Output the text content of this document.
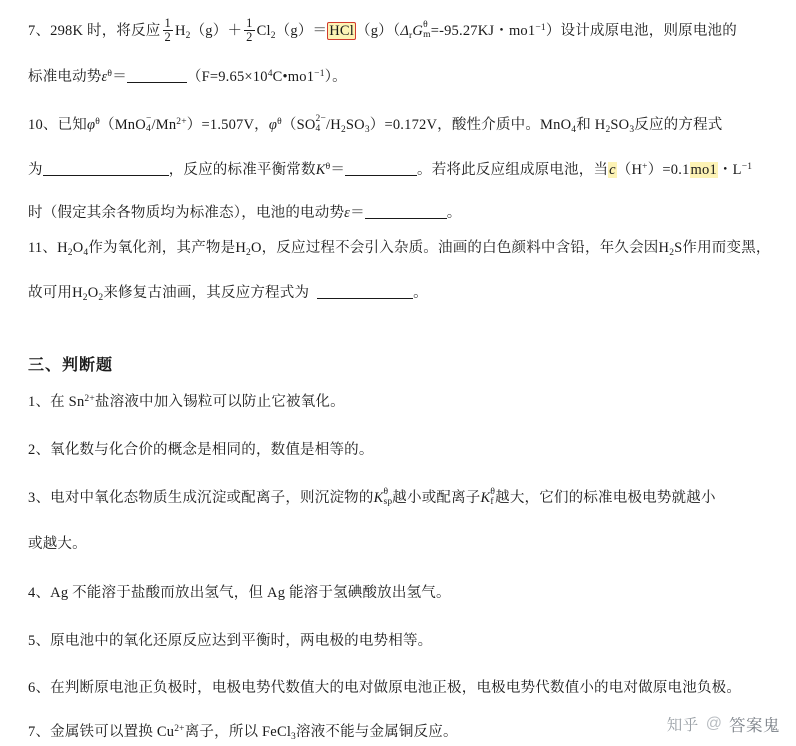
7、298K 时，将反应 $\frac{1}{2} H_2(g)+ \frac{1}{2} Cl_2(g)=$ HCl $(g)(\Delta_rG$ θ
m =-95.27KJ・$mo1^{-1}$）设计成原电池，则原电池的
标准电动势$\varepsilon^\theta=$	$(F=9.65\times 10^4C•mo1^{-1})$。
10、已知$\varphi^\theta(MnO$ −
4 $/Mn^{2+})=1.507V$，$\varphi^\theta(SO$ 2−
4 $/H_2SO_3)=0.172V$，酸性介质中。MnO$_4$和 $H_2SO_3$反应的方程式
为	，反应的标准平衡常数$K^\theta=$	。若将此反应组成原电池，当c（H+）=0.1mo1・$L^{-1}$
时（假定其余各物质均为标准态），电池的电动势ε＝	。
11、$H_2O_4$作为氧化剂，其产物是$H_2O$，反应过程不会引入杂质。油画的白色颜料中含铅，年久会因$H_2S$作用而变黑，
故可用$H_2O_2$来修复古油画，其反应方程式为	。
三、判断题
1、在 $Sn^{2+}$盐溶液中加入锡粒可以防止它被氧化。
2、氧化数与化合价的概念是相同的，数值是相等的。
3、电对中氧化态物质生成沉淀或配离子，则沉淀物的K θ
sp 越小或配离子K θ
f 越大，它们的标准电极电势就越小
或越大。
4、Ag 不能溶于盐酸而放出氢气，但 Ag 能溶于氢碘酸放出氢气。
5、原电池中的氧化还原反应达到平衡时，两电极的电势相等。
6、在判断原电池正负极时，电极电势代数值大的电对做原电池正极，电极电势代数值小的电对做原电池负极。
7、金属铁可以置换 $Cu^{2+}$离子，所以 FeCl$_3$溶液不能与金属铜反应。	知乎 @ 答案鬼
